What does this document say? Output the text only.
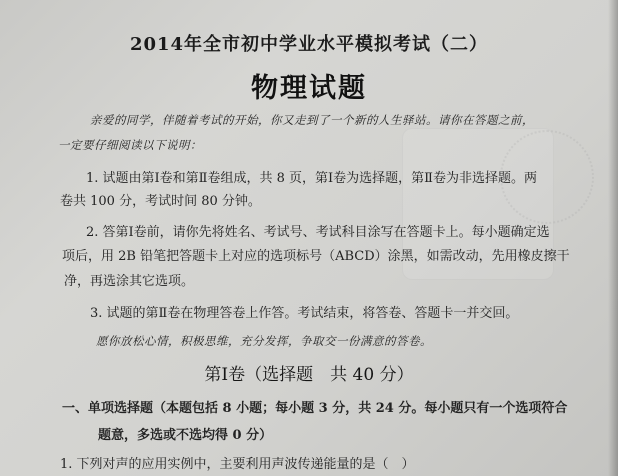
2014年全市初中学业水平模拟考试（二）
物理试题
亲爱的同学，伴随着考试的开始，你又走到了一个新的人生驿站。请你在答题之前，
一定要仔细阅读以下说明：
1. 试题由第Ⅰ卷和第Ⅱ卷组成，共 8 页，第Ⅰ卷为选择题，第Ⅱ卷为非选择题。两
卷共 100 分，考试时间 80 分钟。
2. 答第Ⅰ卷前，请你先将姓名、考试号、考试科目涂写在答题卡上。每小题确定选
项后，用 2B 铅笔把答题卡上对应的选项标号（ABCD）涂黑，如需改动，先用橡皮擦干
净，再选涂其它选项。
3. 试题的第Ⅱ卷在物理答卷上作答。考试结束，将答卷、答题卡一并交回。
愿你放松心情，积极思维，充分发挥，争取交一份满意的答卷。
第Ⅰ卷（选择题　共 40 分）
一、单项选择题（本题包括 8 小题；每小题 3 分，共 24 分。每小题只有一个选项符合
题意，多选或不选均得 0 分）
1. 下列对声的应用实例中，主要利用声波传递能量的是（　）
